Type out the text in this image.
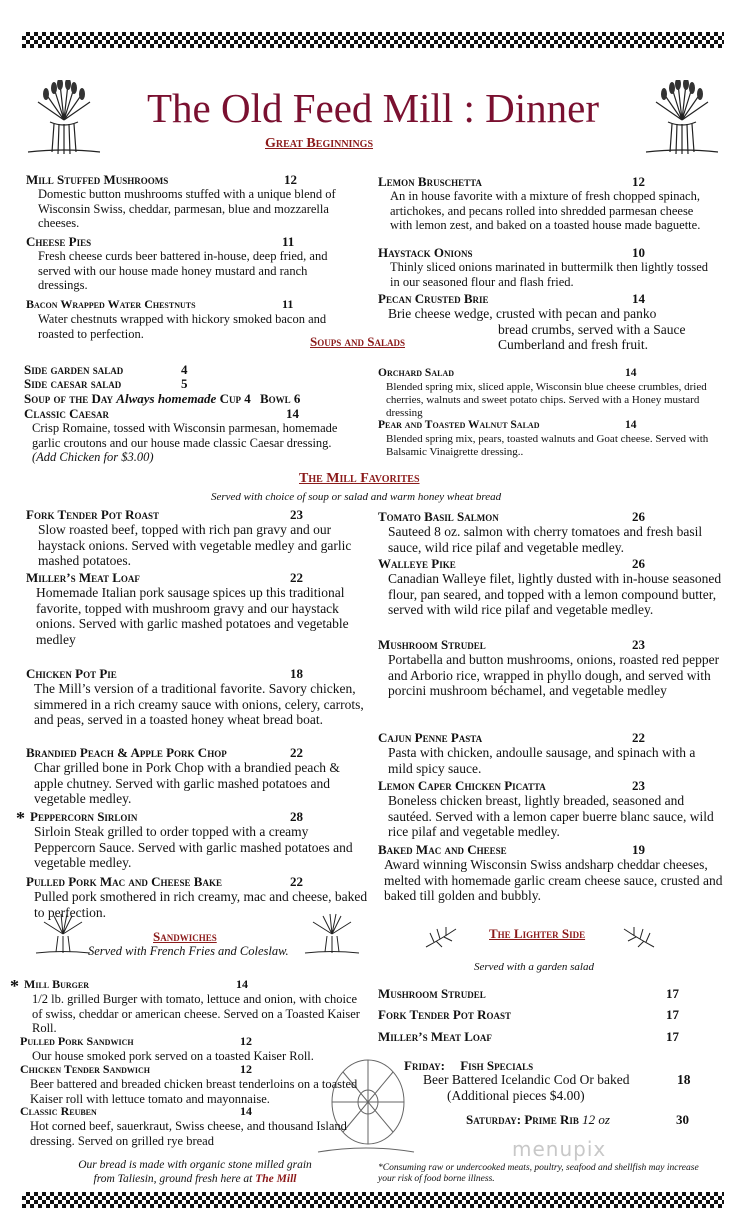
The Old Feed Mill : Dinner
Great Beginnings
Mill Stuffed Mushrooms	12
Domestic button mushrooms stuffed with a unique blend of Wisconsin Swiss, cheddar, parmesan, blue and mozzarella cheeses.
Cheese Pies	11
Fresh cheese curds beer battered in-house, deep fried, and served with our house made honey mustard and ranch dressings.
Bacon Wrapped Water Chestnuts	11
Water chestnuts wrapped with hickory smoked bacon and roasted to perfection.
Lemon Bruschetta	12
An in house favorite with a mixture of fresh chopped spinach, artichokes, and pecans rolled into shredded parmesan cheese with lemon zest, and baked on a toasted house made baguette.
Haystack Onions	10
Thinly sliced onions marinated in buttermilk then lightly tossed in our seasoned flour and flash fried.
Pecan Crusted Brie	14
Brie cheese wedge, crusted with pecan and panko
bread crumbs, served with a Sauce
Cumberland and fresh fruit.
Soups and Salads
Side garden salad	4
Side caesar salad	5
Soup of the Day Always homemade Cup 4 Bowl 6
Classic Caesar	14
Crisp Romaine, tossed with Wisconsin parmesan, homemade garlic croutons and our house made classic Caesar dressing.
(Add Chicken for $3.00)
Orchard Salad	14
Blended spring mix, sliced apple, Wisconsin blue cheese crumbles, dried cherries, walnuts and sweet potato chips. Served with a Honey mustard dressing
Pear and Toasted Walnut Salad	14
Blended spring mix, pears, toasted walnuts and Goat cheese. Served with Balsamic Vinaigrette dressing..
The Mill Favorites
Served with choice of soup or salad and warm honey wheat bread
Fork Tender Pot Roast	23
Slow roasted beef, topped with rich pan gravy and our haystack onions. Served with vegetable medley and garlic mashed potatoes.
Miller’s Meat Loaf	22
Homemade Italian pork sausage spices up this traditional favorite, topped with mushroom gravy and our haystack onions. Served with garlic mashed potatoes and vegetable medley
Chicken Pot Pie	18
The Mill’s version of a traditional favorite. Savory chicken, simmered in a rich creamy sauce with onions, celery, carrots, and peas, served in a toasted honey wheat bread boat.
Brandied Peach & Apple Pork Chop	22
Char grilled bone in Pork Chop with a brandied peach & apple chutney. Served with garlic mashed potatoes and vegetable medley.
* Peppercorn Sirloin	28
Sirloin Steak grilled to order topped with a creamy Peppercorn Sauce. Served with garlic mashed potatoes and vegetable medley.
Pulled Pork Mac and Cheese Bake	22
Pulled pork smothered in rich creamy, mac and cheese, baked to perfection.
Tomato Basil Salmon	26
Sauteed 8 oz. salmon with cherry tomatoes and fresh basil sauce, wild rice pilaf and vegetable medley.
Walleye Pike	26
Canadian Walleye filet, lightly dusted with in-house seasoned flour, pan seared, and topped with a lemon compound butter, served with wild rice pilaf and vegetable medley.
Mushroom Strudel	23
Portabella and button mushrooms, onions, roasted red pepper and Arborio rice, wrapped in phyllo dough, and served with porcini mushroom béchamel, and vegetable medley
Cajun Penne Pasta	22
Pasta with chicken, andoulle sausage, and spinach with a mild spicy sauce.
Lemon Caper Chicken Picatta	23
Boneless chicken breast, lightly breaded, seasoned and sautéed. Served with a lemon caper buerre blanc sauce, wild rice pilaf and vegetable medley.
Baked Mac and Cheese	19
Award winning Wisconsin Swiss andsharp cheddar cheeses, melted with homemade garlic cream cheese sauce, crusted and baked till golden and bubbly.
Sandwiches
Served with French Fries and Coleslaw.
* Mill Burger	14
1/2 lb. grilled Burger with tomato, lettuce and onion, with choice of swiss, cheddar or american cheese. Served on a Toasted Kaiser Roll.
Pulled Pork Sandwich	12
Our house smoked pork served on a toasted Kaiser Roll.
Chicken Tender Sandwich	12
Beer battered and breaded chicken breast tenderloins on a toasted Kaiser roll with lettuce tomato and mayonnaise.
Classic Reuben	14
Hot corned beef, sauerkraut, Swiss cheese, and thousand Island dressing. Served on grilled rye bread
The Lighter Side
Served with a garden salad
Mushroom Strudel	17
Fork Tender Pot Roast	17
Miller’s Meat Loaf	17
Friday: Fish Specials
Beer Battered Icelandic Cod Or baked	18
(Additional pieces $4.00)
Saturday: Prime Rib 12 oz	30
Our bread is made with organic stone milled grain
from Taliesin, ground fresh here at The Mill
menupix
*Consuming raw or undercooked meats, poultry, seafood and shellfish may increase your risk of food borne illness.
